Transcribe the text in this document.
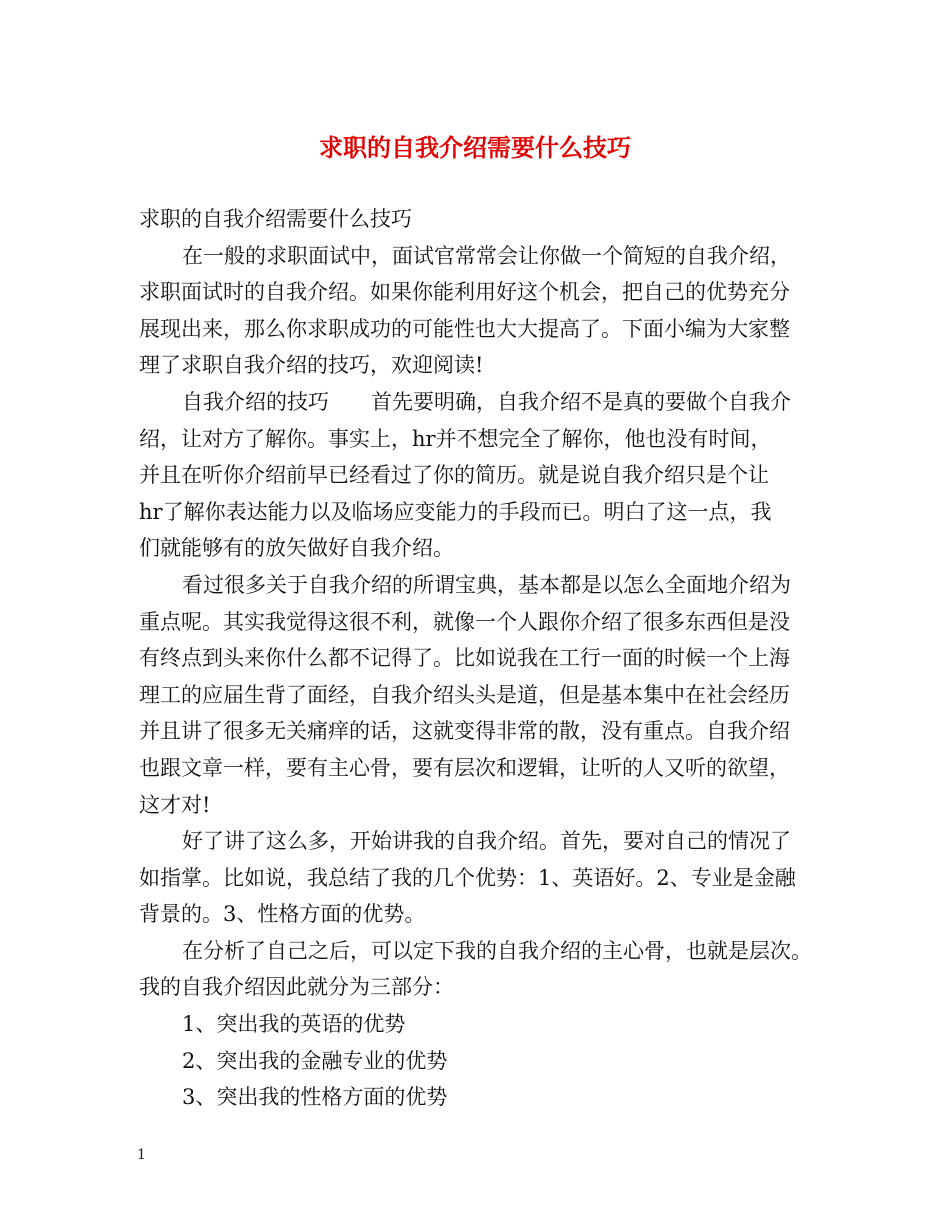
求职的自我介绍需要什么技巧
求职的自我介绍需要什么技巧
在一般的求职面试中，面试官常常会让你做一个简短的自我介绍，
求职面试时的自我介绍。如果你能利用好这个机会，把自己的优势充分
展现出来，那么你求职成功的可能性也大大提高了。下面小编为大家整
理了求职自我介绍的技巧，欢迎阅读!
自我介绍的技巧　　首先要明确，自我介绍不是真的要做个自我介
绍，让对方了解你。事实上，hr并不想完全了解你，他也没有时间，
并且在听你介绍前早已经看过了你的简历。就是说自我介绍只是个让
hr了解你表达能力以及临场应变能力的手段而已。明白了这一点，我
们就能够有的放矢做好自我介绍。
看过很多关于自我介绍的所谓宝典，基本都是以怎么全面地介绍为
重点呢。其实我觉得这很不利，就像一个人跟你介绍了很多东西但是没
有终点到头来你什么都不记得了。比如说我在工行一面的时候一个上海
理工的应届生背了面经，自我介绍头头是道，但是基本集中在社会经历
并且讲了很多无关痛痒的话，这就变得非常的散，没有重点。自我介绍
也跟文章一样，要有主心骨，要有层次和逻辑，让听的人又听的欲望，
这才对!
好了讲了这么多，开始讲我的自我介绍。首先，要对自己的情况了
如指掌。比如说，我总结了我的几个优势：1、英语好。2、专业是金融
背景的。3、性格方面的优势。
在分析了自己之后，可以定下我的自我介绍的主心骨，也就是层次。
我的自我介绍因此就分为三部分：
1、突出我的英语的优势
2、突出我的金融专业的优势
3、突出我的性格方面的优势
1
